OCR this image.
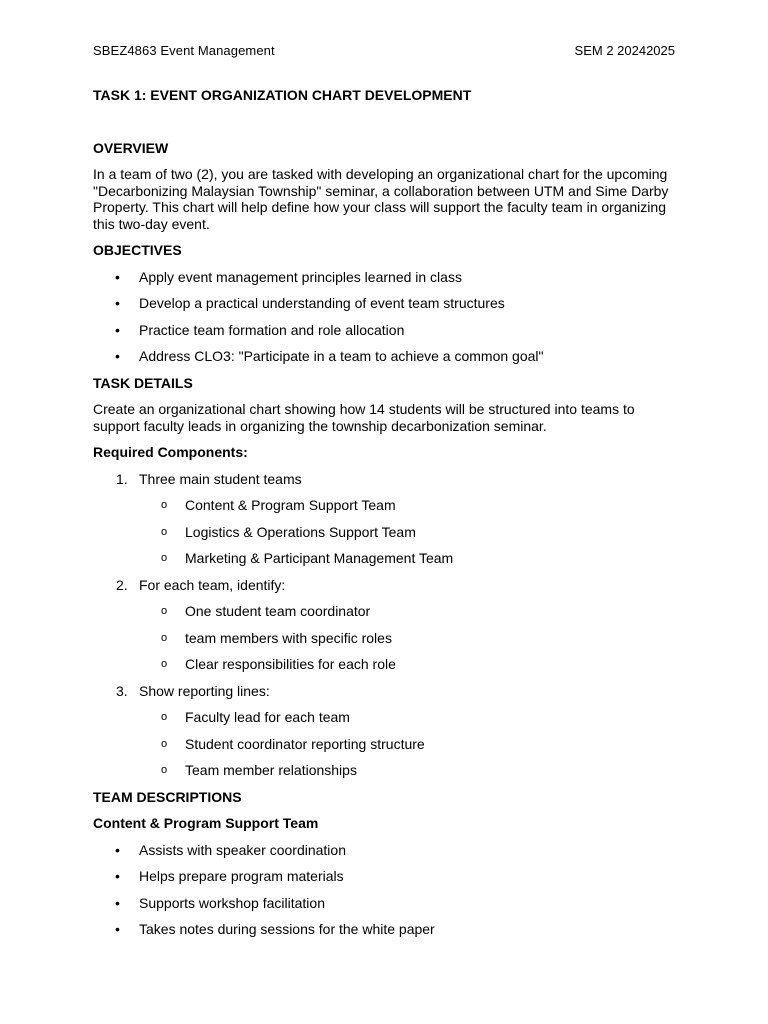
SBEZ4863 Event Management	SEM 2 20242025
TASK 1: EVENT ORGANIZATION CHART DEVELOPMENT
OVERVIEW
In a team of two (2), you are tasked with developing an organizational chart for the upcoming "Decarbonizing Malaysian Township" seminar, a collaboration between UTM and Sime Darby Property. This chart will help define how your class will support the faculty team in organizing this two-day event.
OBJECTIVES
• Apply event management principles learned in class
• Develop a practical understanding of event team structures
• Practice team formation and role allocation
• Address CLO3: "Participate in a team to achieve a common goal"
TASK DETAILS
Create an organizational chart showing how 14 students will be structured into teams to support faculty leads in organizing the township decarbonization seminar.
Required Components:
1. Three main student teams
o Content & Program Support Team
o Logistics & Operations Support Team
o Marketing & Participant Management Team
2. For each team, identify:
o One student team coordinator
o team members with specific roles
o Clear responsibilities for each role
3. Show reporting lines:
o Faculty lead for each team
o Student coordinator reporting structure
o Team member relationships
TEAM DESCRIPTIONS
Content & Program Support Team
• Assists with speaker coordination
• Helps prepare program materials
• Supports workshop facilitation
• Takes notes during sessions for the white paper
